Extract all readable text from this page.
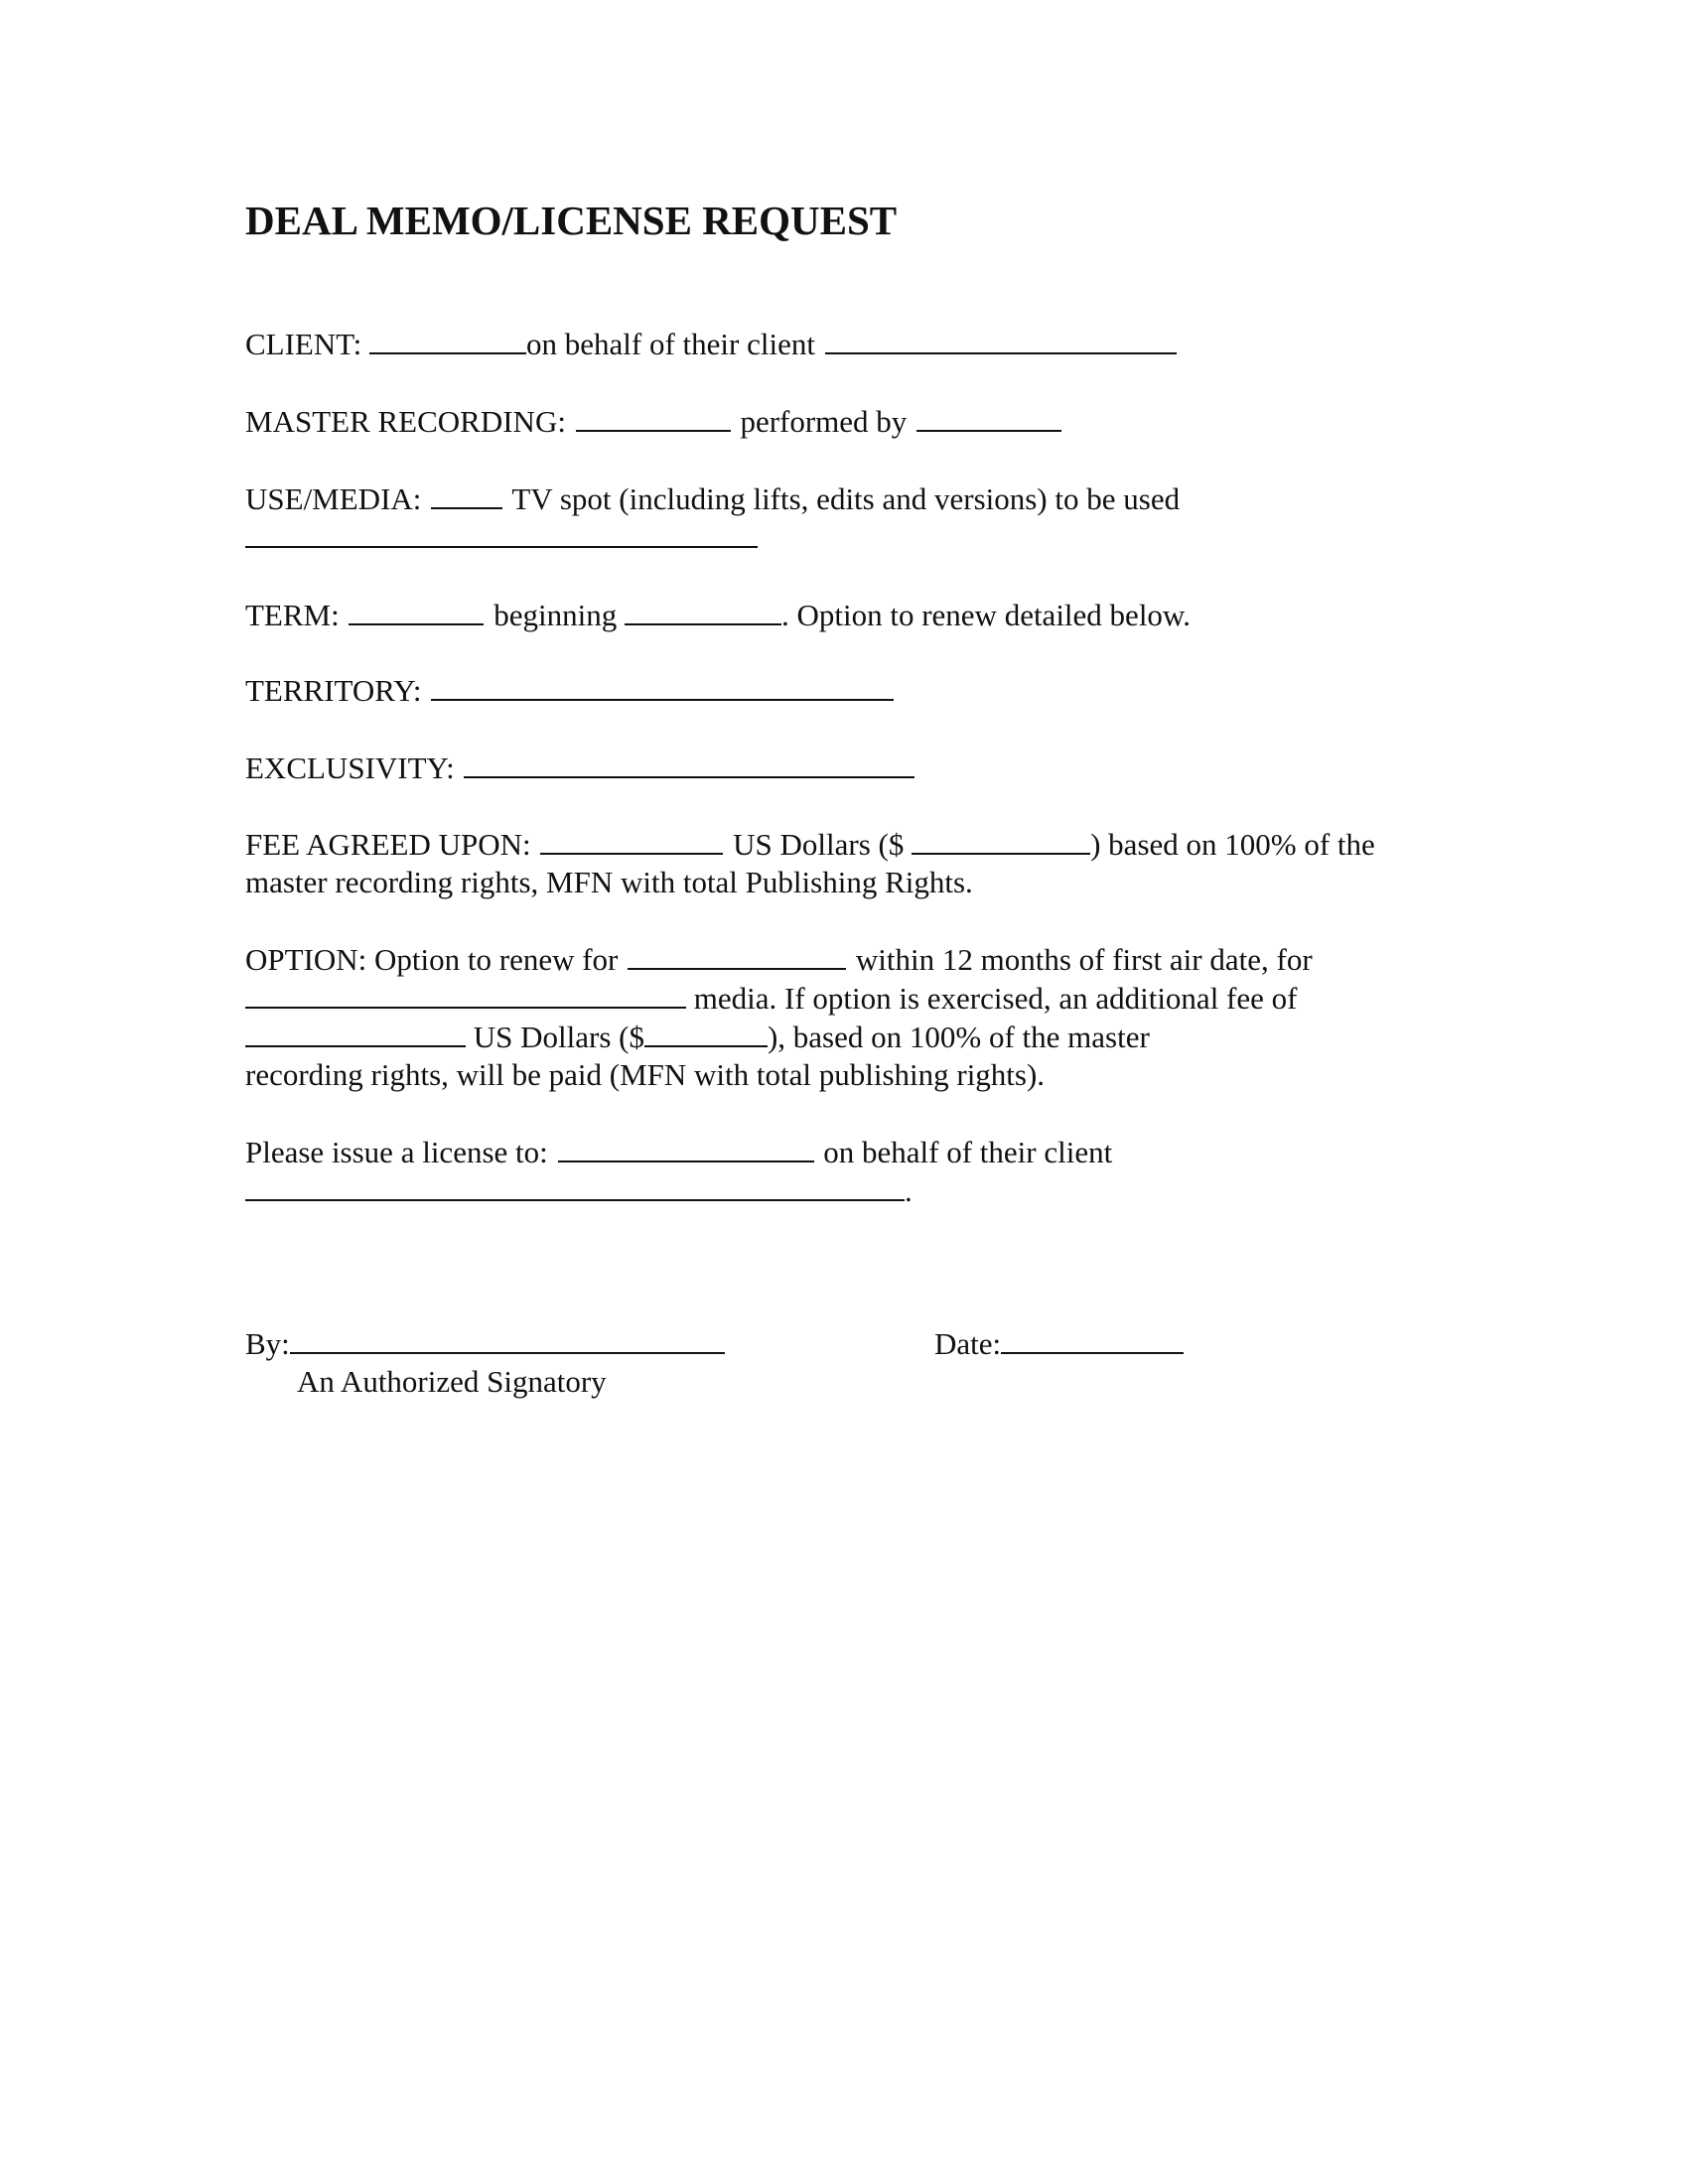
DEAL MEMO/LICENSE REQUEST
CLIENT:	on behalf of their client
MASTER RECORDING:	performed by
USE/MEDIA:	TV spot (including lifts, edits and versions) to be used
TERM:	beginning	. Option to renew detailed below.
TERRITORY:
EXCLUSIVITY:
FEE AGREED UPON:	US Dollars ($	) based on 100% of the
master recording rights, MFN with total Publishing Rights.
OPTION: Option to renew for	within 12 months of first air date, for
media. If option is exercised, an additional fee of
US Dollars ($	), based on 100% of the master
recording rights, will be paid (MFN with total publishing rights).
Please issue a license to:	on behalf of their client
.
By:
An Authorized Signatory
Date:
